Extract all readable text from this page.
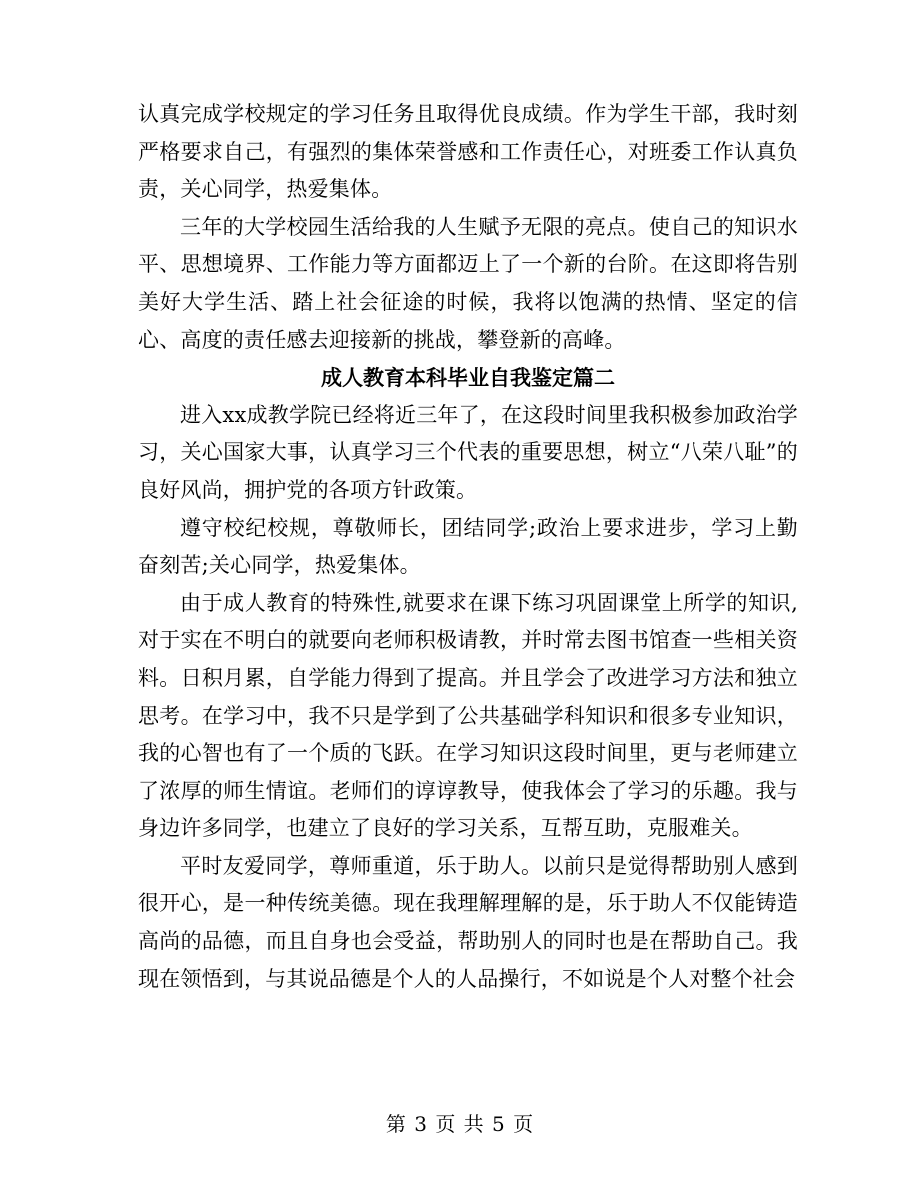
认真完成学校规定的学习任务且取得优良成绩。作为学生干部，我时刻严格要求自己，有强烈的集体荣誉感和工作责任心，对班委工作认真负责，关心同学，热爱集体。

三年的大学校园生活给我的人生赋予无限的亮点。使自己的知识水平、思想境界、工作能力等方面都迈上了一个新的台阶。在这即将告别美好大学生活、踏上社会征途的时候，我将以饱满的热情、坚定的信心、高度的责任感去迎接新的挑战，攀登新的高峰。

成人教育本科毕业自我鉴定篇二

进入xx成教学院已经将近三年了，在这段时间里我积极参加政治学习，关心国家大事，认真学习三个代表的重要思想，树立“八荣八耻”的良好风尚，拥护党的各项方针政策。

遵守校纪校规，尊敬师长，团结同学;政治上要求进步，学习上勤奋刻苦;关心同学，热爱集体。

由于成人教育的特殊性,就要求在课下练习巩固课堂上所学的知识,对于实在不明白的就要向老师积极请教，并时常去图书馆查一些相关资料。日积月累，自学能力得到了提高。并且学会了改进学习方法和独立思考。在学习中，我不只是学到了公共基础学科知识和很多专业知识，我的心智也有了一个质的飞跃。在学习知识这段时间里，更与老师建立了浓厚的师生情谊。老师们的谆谆教导，使我体会了学习的乐趣。我与身边许多同学，也建立了良好的学习关系，互帮互助，克服难关。

平时友爱同学，尊师重道，乐于助人。以前只是觉得帮助别人感到很开心，是一种传统美德。现在我理解理解的是，乐于助人不仅能铸造高尚的品德，而且自身也会受益，帮助别人的同时也是在帮助自己。我现在领悟到，与其说品德是个人的人品操行，不如说是个人对整个社会

第 3 页 共 5 页
